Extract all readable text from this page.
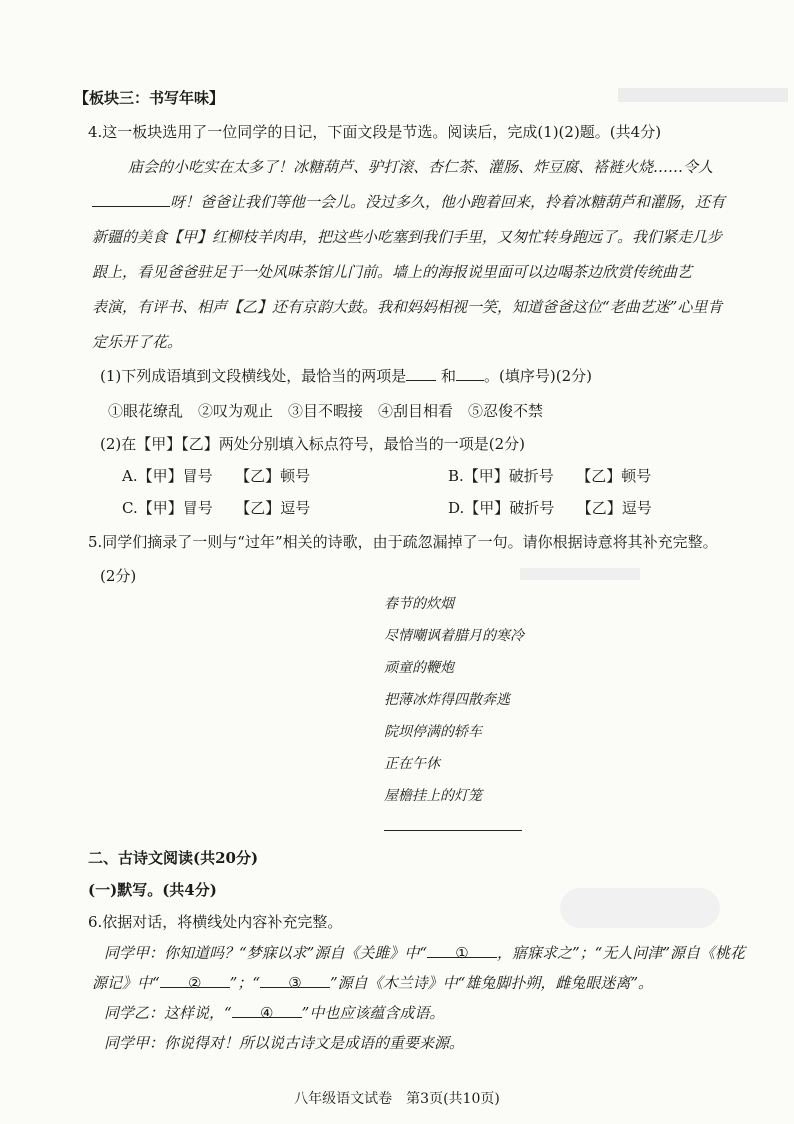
【板块三：书写年味】
4.这一板块选用了一位同学的日记，下面文段是节选。阅读后，完成(1)(2)题。(共4分)
庙会的小吃实在太多了！冰糖葫芦、驴打滚、杏仁茶、灌肠、炸豆腐、褡裢火烧……令人
呀！爸爸让我们等他一会儿。没过多久，他小跑着回来，拎着冰糖葫芦和灌肠，还有
新疆的美食【甲】红柳枝羊肉串，把这些小吃塞到我们手里，又匆忙转身跑远了。我们紧走几步
跟上，看见爸爸驻足于一处风味茶馆儿门前。墙上的海报说里面可以边喝茶边欣赏传统曲艺
表演，有评书、相声【乙】还有京韵大鼓。我和妈妈相视一笑，知道爸爸这位“老曲艺迷”心里肯
定乐开了花。
(1)下列成语填到文段横线处，最恰当的两项是 和 。(填序号)(2分)
①眼花缭乱　②叹为观止　③目不暇接　④刮目相看　⑤忍俊不禁
(2)在【甲】【乙】两处分别填入标点符号，最恰当的一项是(2分)
A.【甲】冒号　　【乙】顿号	B.【甲】破折号　　【乙】顿号
C.【甲】冒号　　【乙】逗号	D.【甲】破折号　　【乙】逗号
5.同学们摘录了一则与“过年”相关的诗歌，由于疏忽漏掉了一句。请你根据诗意将其补充完整。
(2分)
春节的炊烟
尽情嘲讽着腊月的寒冷
顽童的鞭炮
把薄冰炸得四散奔逃
院坝停满的轿车
正在午休
屋檐挂上的灯笼
二、古诗文阅读(共20分)
(一)默写。(共4分)
6.依据对话，将横线处内容补充完整。
同学甲：你知道吗？“梦寐以求”源自《关雎》中“ ① ，寤寐求之”；“无人问津”源自《桃花
源记》中“ ② ”；“ ③ ”源自《木兰诗》中“雄兔脚扑朔，雌兔眼迷离”。
同学乙：这样说，“ ④ ”中也应该蕴含成语。
同学甲：你说得对！所以说古诗文是成语的重要来源。
八年级语文试卷　第3页(共10页)
